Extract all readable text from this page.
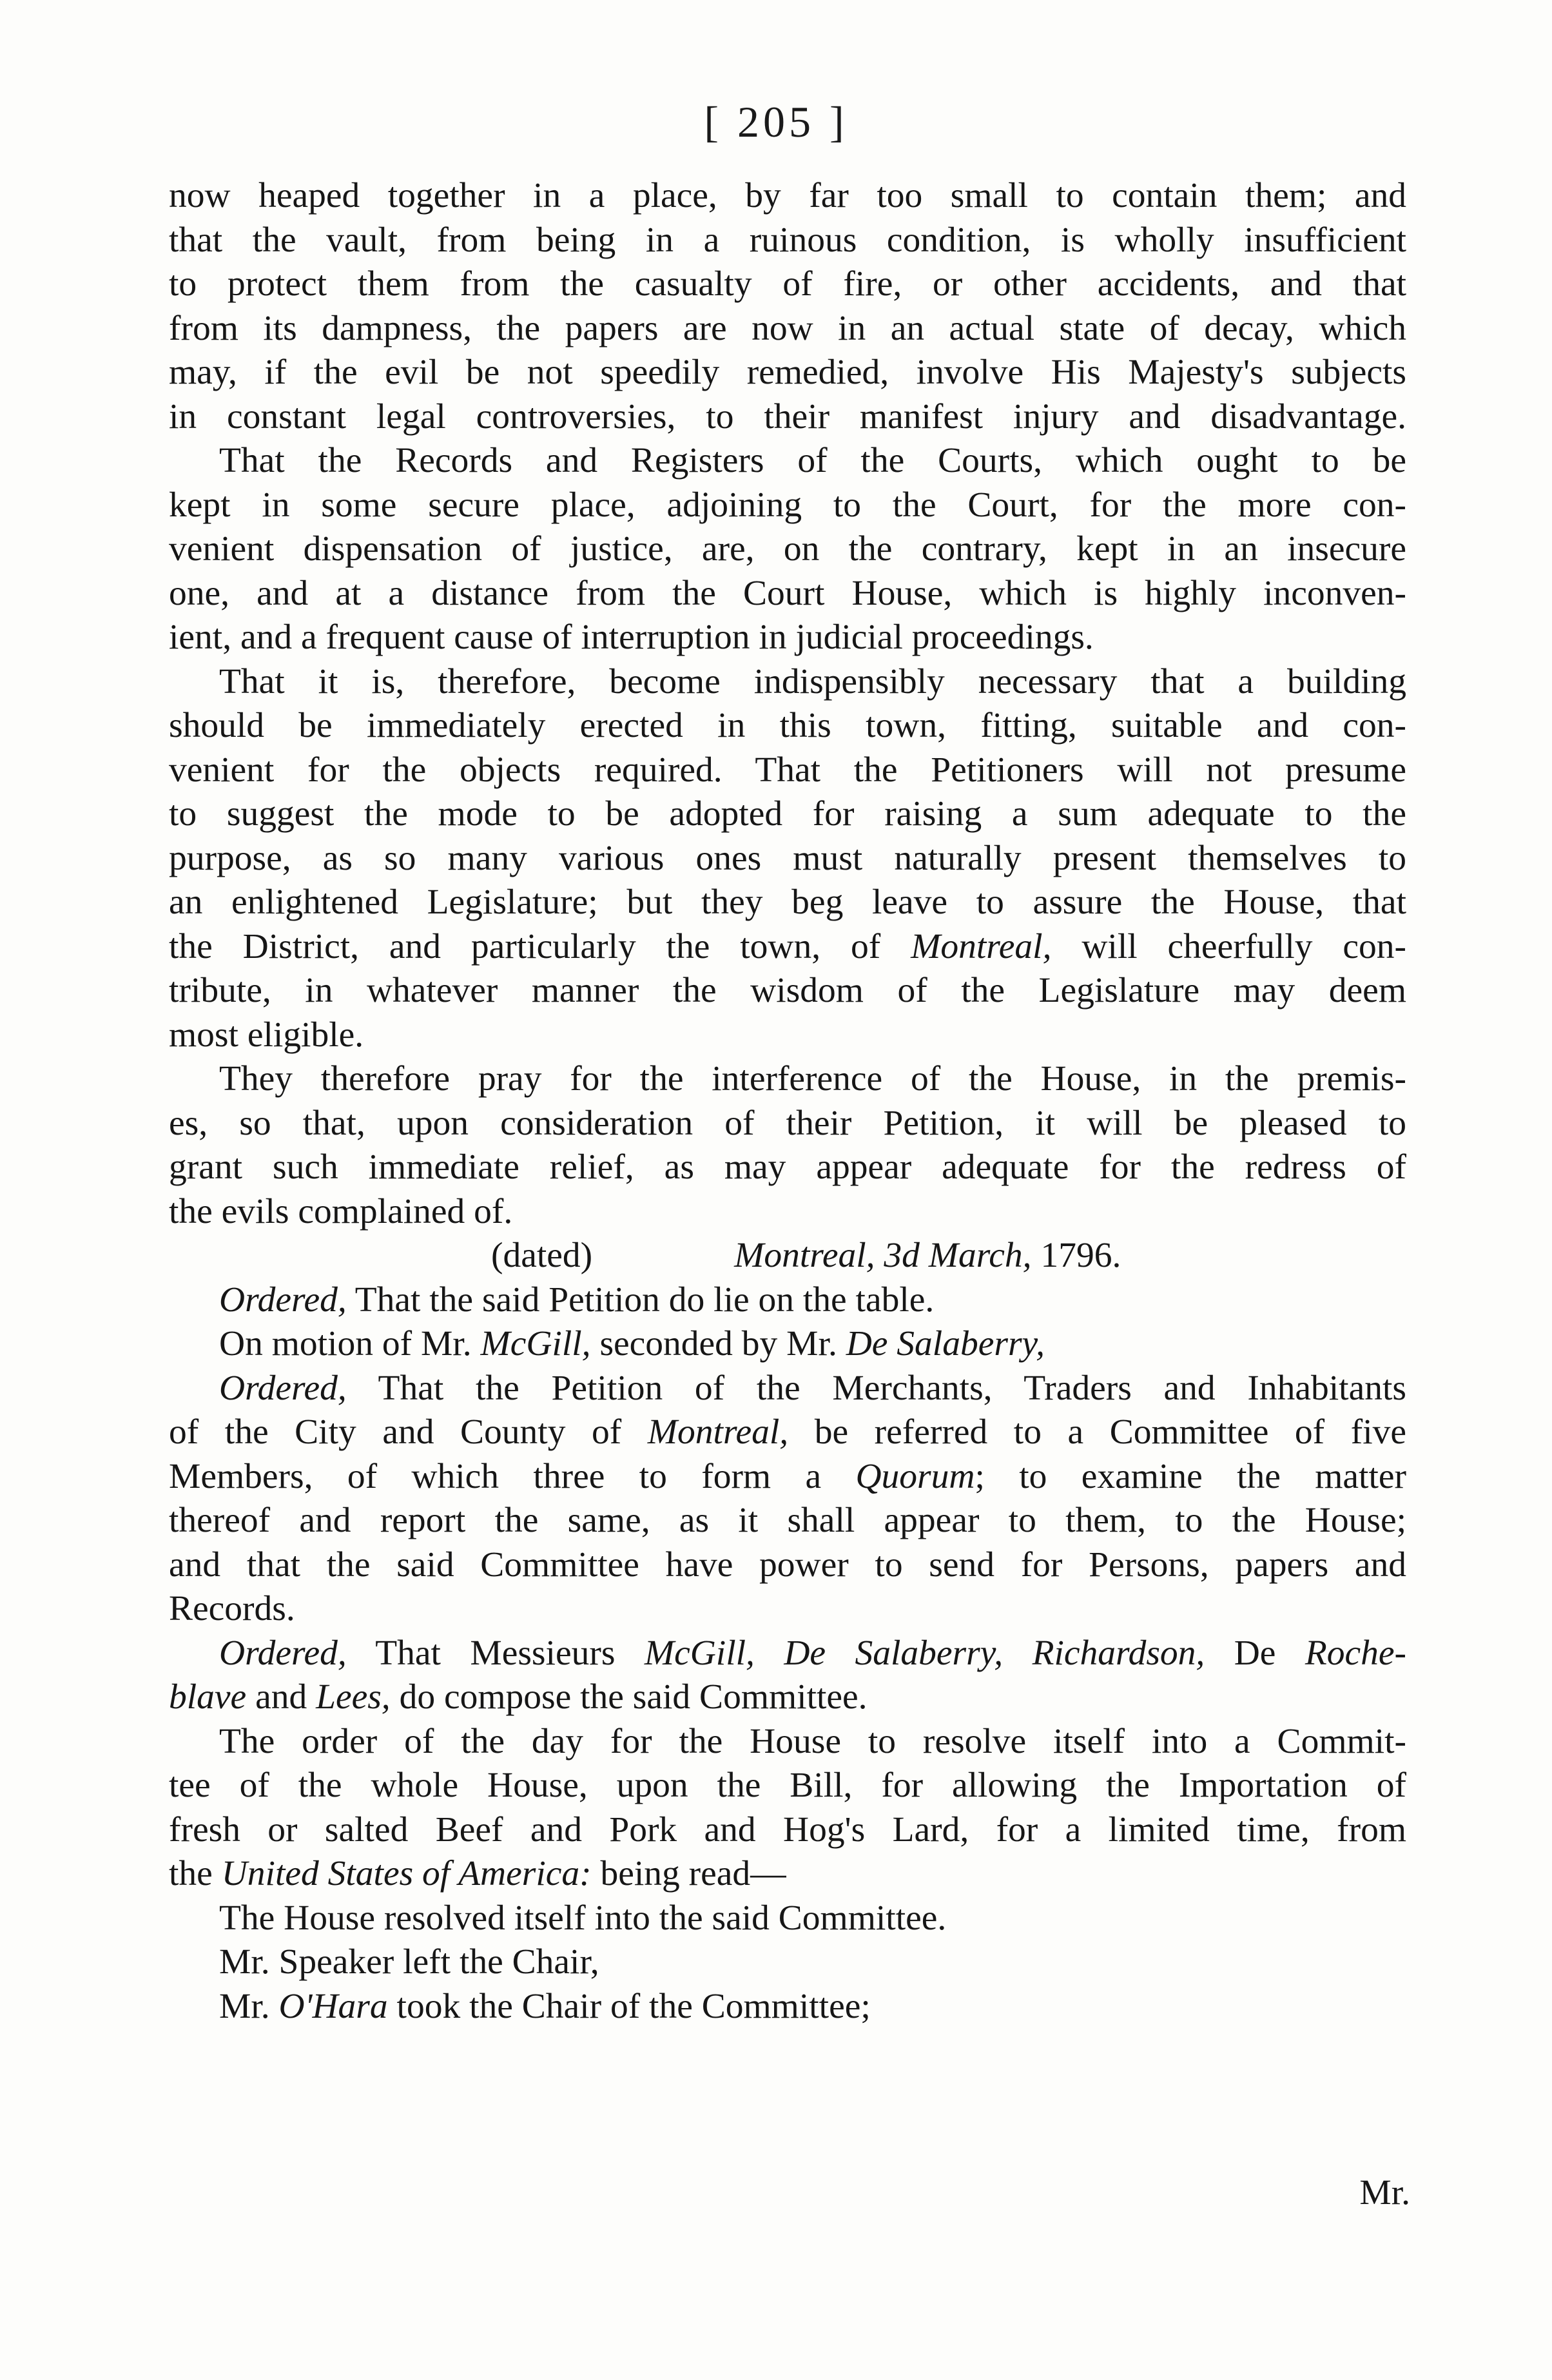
[ 205 ]
now heaped together in a place, by far too small to contain them; and
that the vault, from being in a ruinous condition, is wholly insufficient
to protect them from the casualty of fire, or other accidents, and that
from its dampness, the papers are now in an actual state of decay, which
may, if the evil be not speedily remedied, involve His Majesty's subjects
in constant legal controversies, to their manifest injury and disadvantage.
That the Records and Registers of the Courts, which ought to be
kept in some secure place, adjoining to the Court, for the more con-
venient dispensation of justice, are, on the contrary, kept in an insecure
one, and at a distance from the Court House, which is highly inconven-
ient, and a frequent cause of interruption in judicial proceedings.
That it is, therefore, become indispensibly necessary that a building
should be immediately erected in this town, fitting, suitable and con-
venient for the objects required. That the Petitioners will not presume
to suggest the mode to be adopted for raising a sum adequate to the
purpose, as so many various ones must naturally present themselves to
an enlightened Legislature; but they beg leave to assure the House, that
the District, and particularly the town, of Montreal, will cheerfully con-
tribute, in whatever manner the wisdom of the Legislature may deem
most eligible.
They therefore pray for the interference of the House, in the premis-
es, so that, upon consideration of their Petition, it will be pleased to
grant such immediate relief, as may appear adequate for the redress of
the evils complained of.
(dated)	Montreal, 3d March, 1796.
Ordered, That the said Petition do lie on the table.
On motion of Mr. McGill, seconded by Mr. De Salaberry,
Ordered, That the Petition of the Merchants, Traders and Inhabitants
of the City and County of Montreal, be referred to a Committee of five
Members, of which three to form a Quorum; to examine the matter
thereof and report the same, as it shall appear to them, to the House;
and that the said Committee have power to send for Persons, papers and
Records.
Ordered, That Messieurs McGill, De Salaberry, Richardson, De Roche-
blave and Lees, do compose the said Committee.
The order of the day for the House to resolve itself into a Commit-
tee of the whole House, upon the Bill, for allowing the Importation of
fresh or salted Beef and Pork and Hog's Lard, for a limited time, from
the United States of America: being read—
The House resolved itself into the said Committee.
Mr. Speaker left the Chair,
Mr. O'Hara took the Chair of the Committee;
Mr.
